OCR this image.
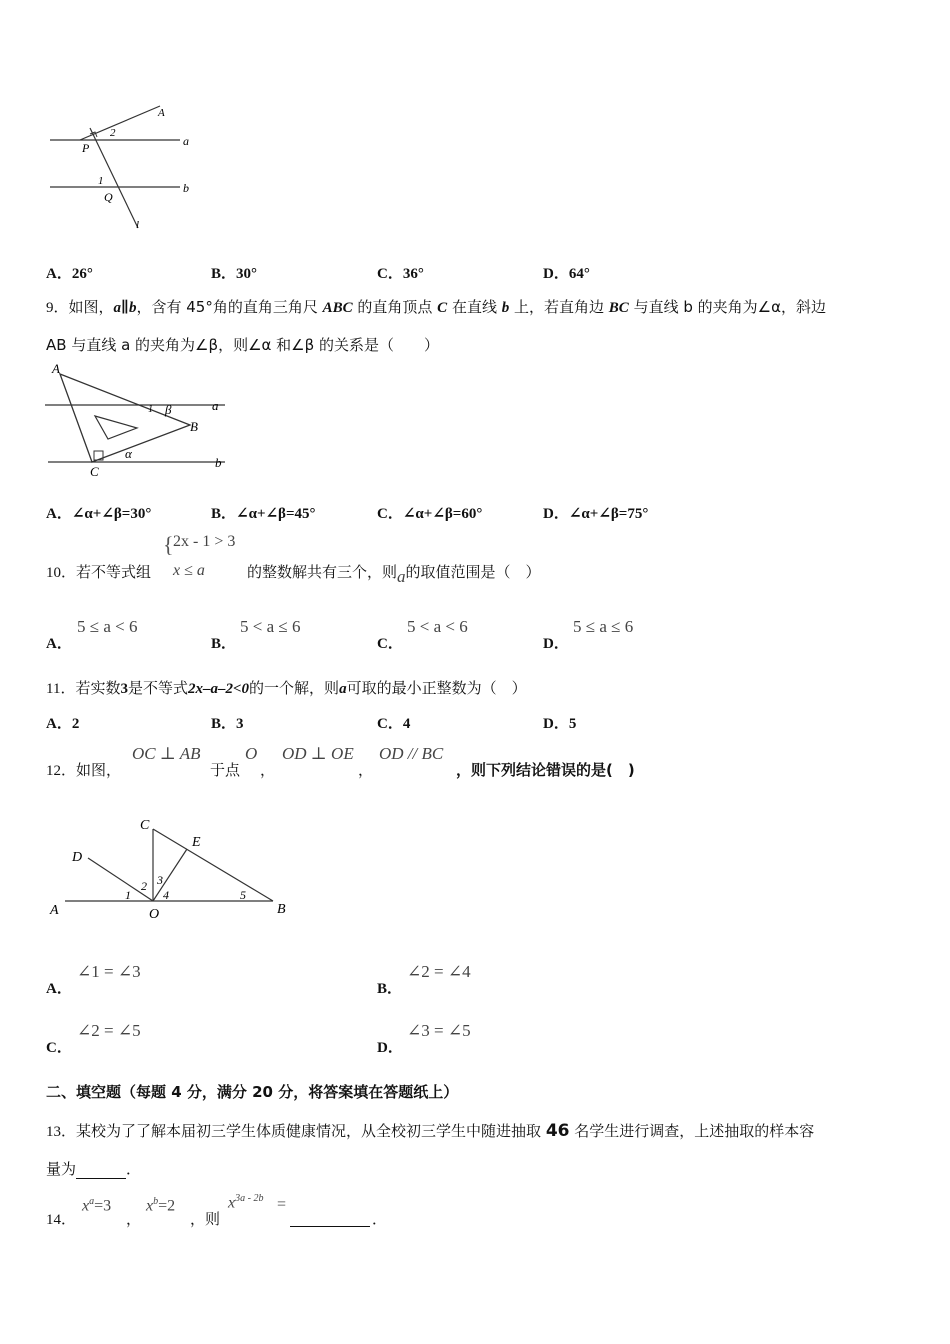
A
P	a
2
1
Q
b
l
A．26°	B．30°	C．36°	D．64°
9．如图，a∥b，含有 45°角的直角三角尺 ABC 的直角顶点 C 在直线 b 上，若直角边 BC 与直线 b 的夹角为∠α，斜边
AB 与直线 a 的夹角为∠β，则∠α 和∠β 的关系是（　　）
A
1 β	a
B
C
α
b
A．∠α+∠β=30°	B．∠α+∠β=45°	C．∠α+∠β=60°	D．∠α+∠β=75°
10．若不等式组
{ 2x - 1 > 3
x ≤ a	的整数解共有三个，则a的取值范围是（　）
A．
5 ≤ a < 6
B．
5 < a ≤ 6
C．
5 < a < 6
D．
5 ≤ a ≤ 6
11．若实数3是不等式2x–a–2<0的一个解，则a可取的最小正整数为（　）
A．2	B．3	C．4	D．5
12．如图，
OC ⊥ AB
于点
O
，
OD ⊥ OE
，
OD // BC
，则下列结论错误的是(　)
C
E
D
2 3
1	4	5
A	O	B
A．
∠1 = ∠3
B．
∠2 = ∠4
C．
∠2 = ∠5
D．
∠3 = ∠5
二、填空题（每题 4 分，满分 20 分，将答案填在答题纸上）
13．某校为了了解本届初三学生体质健康情况，从全校初三学生中随进抽取 46 名学生进行调查，上述抽取的样本容
量为	．
14．
$x^a=3$
，
$x^b=2$
，则
$x^{3a - 2b}$ =
．
